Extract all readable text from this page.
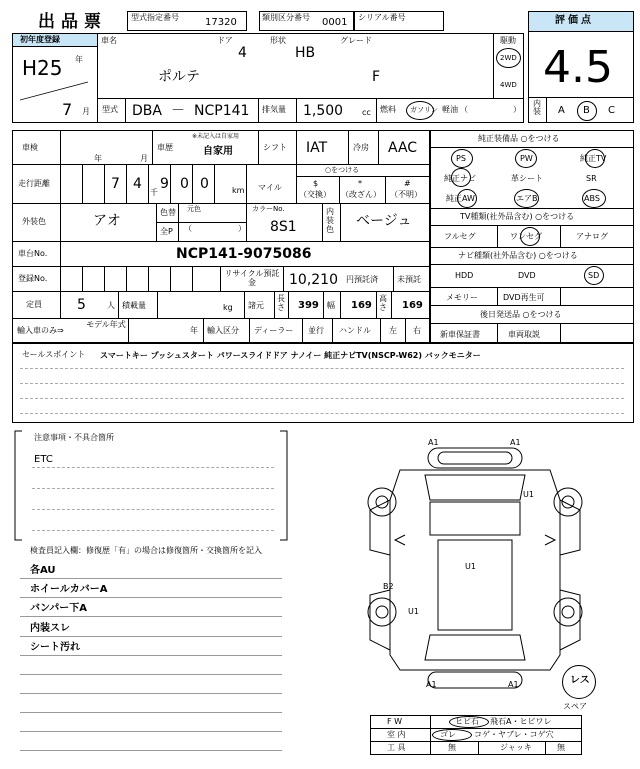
出品票	型式指定番号	17320	類別区分番号 0001 シリアル番号	評価点
4.5
内装 A B C
初年度登録
H25 年
7 月
車名
ポルテ
ドア
4
形状
HB
グレード
F
駆動
2WD
4WD
型式 DBA － NCP141 排気量 1,500 cc 燃料 ガソリン 軽油 （	）
車検
年	月
車歴
※未記入は自家用
自家用	シフト IAT	冷房 AAC
走行距離	7 4
千
9 0 0	km マイル
○をつける
$
（交換）
*
（改ざん）
#
（不明）
外装色	アオ
色替 元色
全P （	）
カラーNo.
8S1
内装色
ベージュ
車台No.	NCP141-9075086
登録No.
リサイクル預託金	10,210 円預託済 未預託
定員	5	人 積載量	kg 諸元
長さ 399 幅 169
高さ 169
輸入車のみ⇒
モデル年式
年 輸入区分 ディーラー 並行 ハンドル 左 右
純正装備品 ○をつける
PS	PW	純正TV
純正ナビ	革シート	SR
純正AW	エアB	ABS
TV種類(社外品含む) ○をつける
フルセグ	ワンセグ	アナログ
ナビ種類(社外品含む) ○をつける
HDD	DVD	SD
メモリー	DVD再生可
後日発送品 ○をつける
新車保証書	車両取説
セールスポイント スマートキー プッシュスタート パワースライドドア ナノイー 純正ナビTV(NSCP-W62) バックモニター
注意事項・不具合箇所
ETC
検査員記入欄：修復歴「有」の場合は修復箇所・交換箇所を記入
各AU
ホイールカバーA
バンパー下A
内装スレ
シート汚れ
A1	A1
U1
U1
B2
U1
A1	A1	レス
スペア
F W	ヒビ石 飛石A・ヒビワレ
室 内	ゴレ コゲ・ヤブレ・コゲ穴
工 具	無	ジャッキ	無
